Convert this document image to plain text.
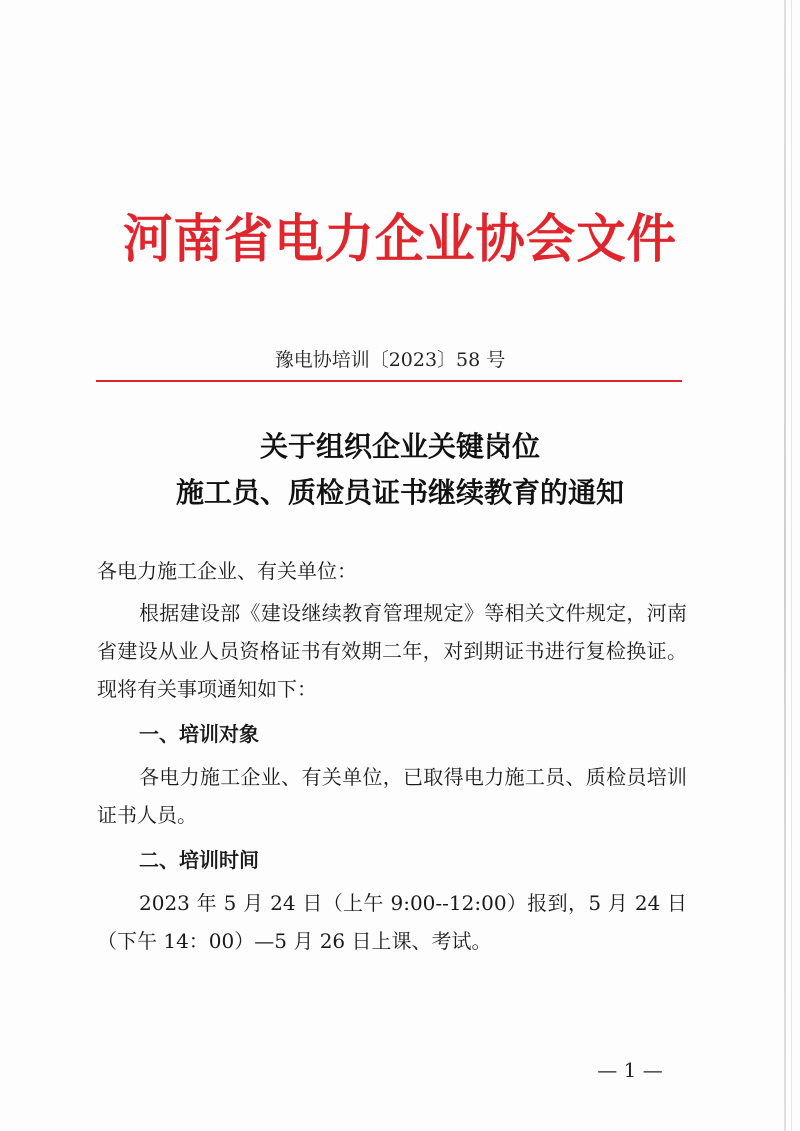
河南省电力企业协会文件
豫电协培训〔2023〕58 号
关于组织企业关键岗位
施工员、质检员证书继续教育的通知

各电力施工企业、有关单位：

根据建设部《建设继续教育管理规定》等相关文件规定，河南省建设从业人员资格证书有效期二年，对到期证书进行复检换证。现将有关事项通知如下：

一、培训对象

各电力施工企业、有关单位，已取得电力施工员、质检员培训证书人员。

二、培训时间

2023 年 5 月 24 日（上午 9:00--12:00）报到，5 月 24 日（下午 14：00）—5 月 26 日上课、考试。

— 1 —
